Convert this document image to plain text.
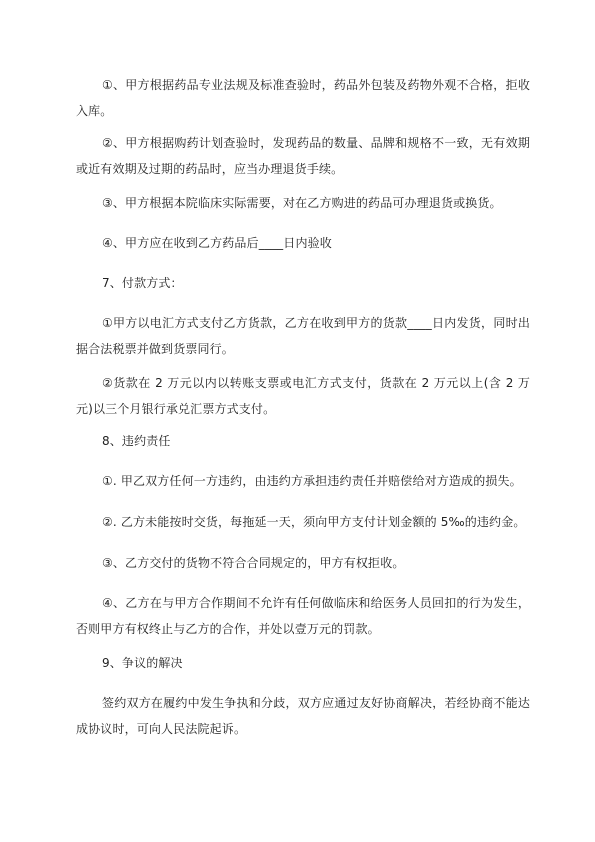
①、甲方根据药品专业法规及标准查验时，药品外包装及药物外观不合格，拒收入库。

②、甲方根据购药计划查验时，发现药品的数量、品牌和规格不一致，无有效期或近有效期及过期的药品时，应当办理退货手续。

③、甲方根据本院临床实际需要，对在乙方购进的药品可办理退货或换货。

④、甲方应在收到乙方药品后____日内验收

7、付款方式：

①甲方以电汇方式支付乙方货款，乙方在收到甲方的货款____日内发货，同时出据合法税票并做到货票同行。

②货款在 2 万元以内以转账支票或电汇方式支付，货款在 2 万元以上(含 2 万元)以三个月银行承兑汇票方式支付。

8、违约责任

①. 甲乙双方任何一方违约，由违约方承担违约责任并赔偿给对方造成的损失。

②. 乙方未能按时交货，每拖延一天，须向甲方支付计划金额的 5‰的违约金。

③、乙方交付的货物不符合合同规定的，甲方有权拒收。

④、乙方在与甲方合作期间不允许有任何做临床和给医务人员回扣的行为发生，否则甲方有权终止与乙方的合作，并处以壹万元的罚款。

9、争议的解决

签约双方在履约中发生争执和分歧，双方应通过友好协商解决，若经协商不能达成协议时，可向人民法院起诉。
